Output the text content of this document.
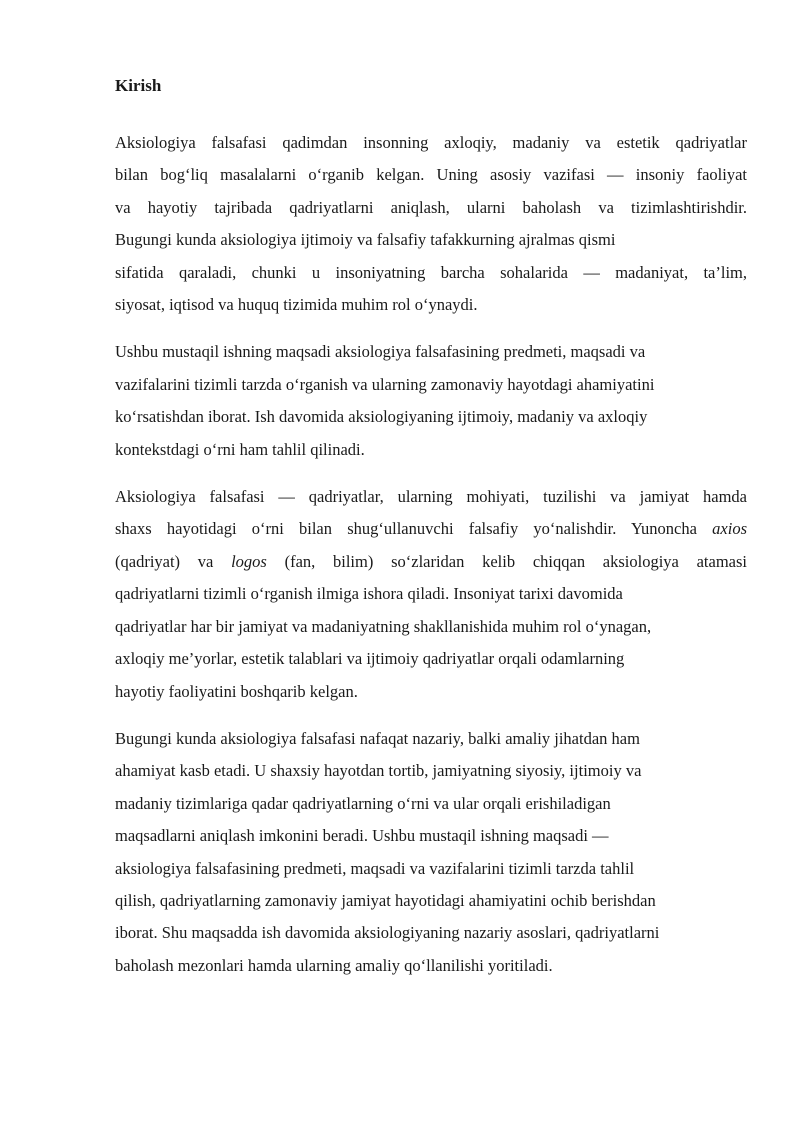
Kirish

Aksiologiya falsafasi qadimdan insonning axloqiy, madaniy va estetik qadriyatlar
bilan bog‘liq masalalarni o‘rganib kelgan. Uning asosiy vazifasi — insoniy faoliyat
va hayotiy tajribada qadriyatlarni aniqlash, ularni baholash va tizimlashtirishdir.
Bugungi kunda aksiologiya ijtimoiy va falsafiy tafakkurning ajralmas qismi
sifatida qaraladi, chunki u insoniyatning barcha sohalarida — madaniyat, ta’lim,
siyosat, iqtisod va huquq tizimida muhim rol o‘ynaydi.

Ushbu mustaqil ishning maqsadi aksiologiya falsafasining predmeti, maqsadi va
vazifalarini tizimli tarzda o‘rganish va ularning zamonaviy hayotdagi ahamiyatini
ko‘rsatishdan iborat. Ish davomida aksiologiyaning ijtimoiy, madaniy va axloqiy
kontekstdagi o‘rni ham tahlil qilinadi.

Aksiologiya falsafasi — qadriyatlar, ularning mohiyati, tuzilishi va jamiyat hamda
shaxs hayotidagi o‘rni bilan shug‘ullanuvchi falsafiy yo‘nalishdir. Yunoncha axios
(qadriyat) va logos (fan, bilim) so‘zlaridan kelib chiqqan aksiologiya atamasi
qadriyatlarni tizimli o‘rganish ilmiga ishora qiladi. Insoniyat tarixi davomida
qadriyatlar har bir jamiyat va madaniyatning shakllanishida muhim rol o‘ynagan,
axloqiy me’yorlar, estetik talablari va ijtimoiy qadriyatlar orqali odamlarning
hayotiy faoliyatini boshqarib kelgan.

Bugungi kunda aksiologiya falsafasi nafaqat nazariy, balki amaliy jihatdan ham
ahamiyat kasb etadi. U shaxsiy hayotdan tortib, jamiyatning siyosiy, ijtimoiy va
madaniy tizimlariga qadar qadriyatlarning o‘rni va ular orqali erishiladigan
maqsadlarni aniqlash imkonini beradi. Ushbu mustaqil ishning maqsadi —
aksiologiya falsafasining predmeti, maqsadi va vazifalarini tizimli tarzda tahlil
qilish, qadriyatlarning zamonaviy jamiyat hayotidagi ahamiyatini ochib berishdan
iborat. Shu maqsadda ish davomida aksiologiyaning nazariy asoslari, qadriyatlarni
baholash mezonlari hamda ularning amaliy qo‘llanilishi yoritiladi.
